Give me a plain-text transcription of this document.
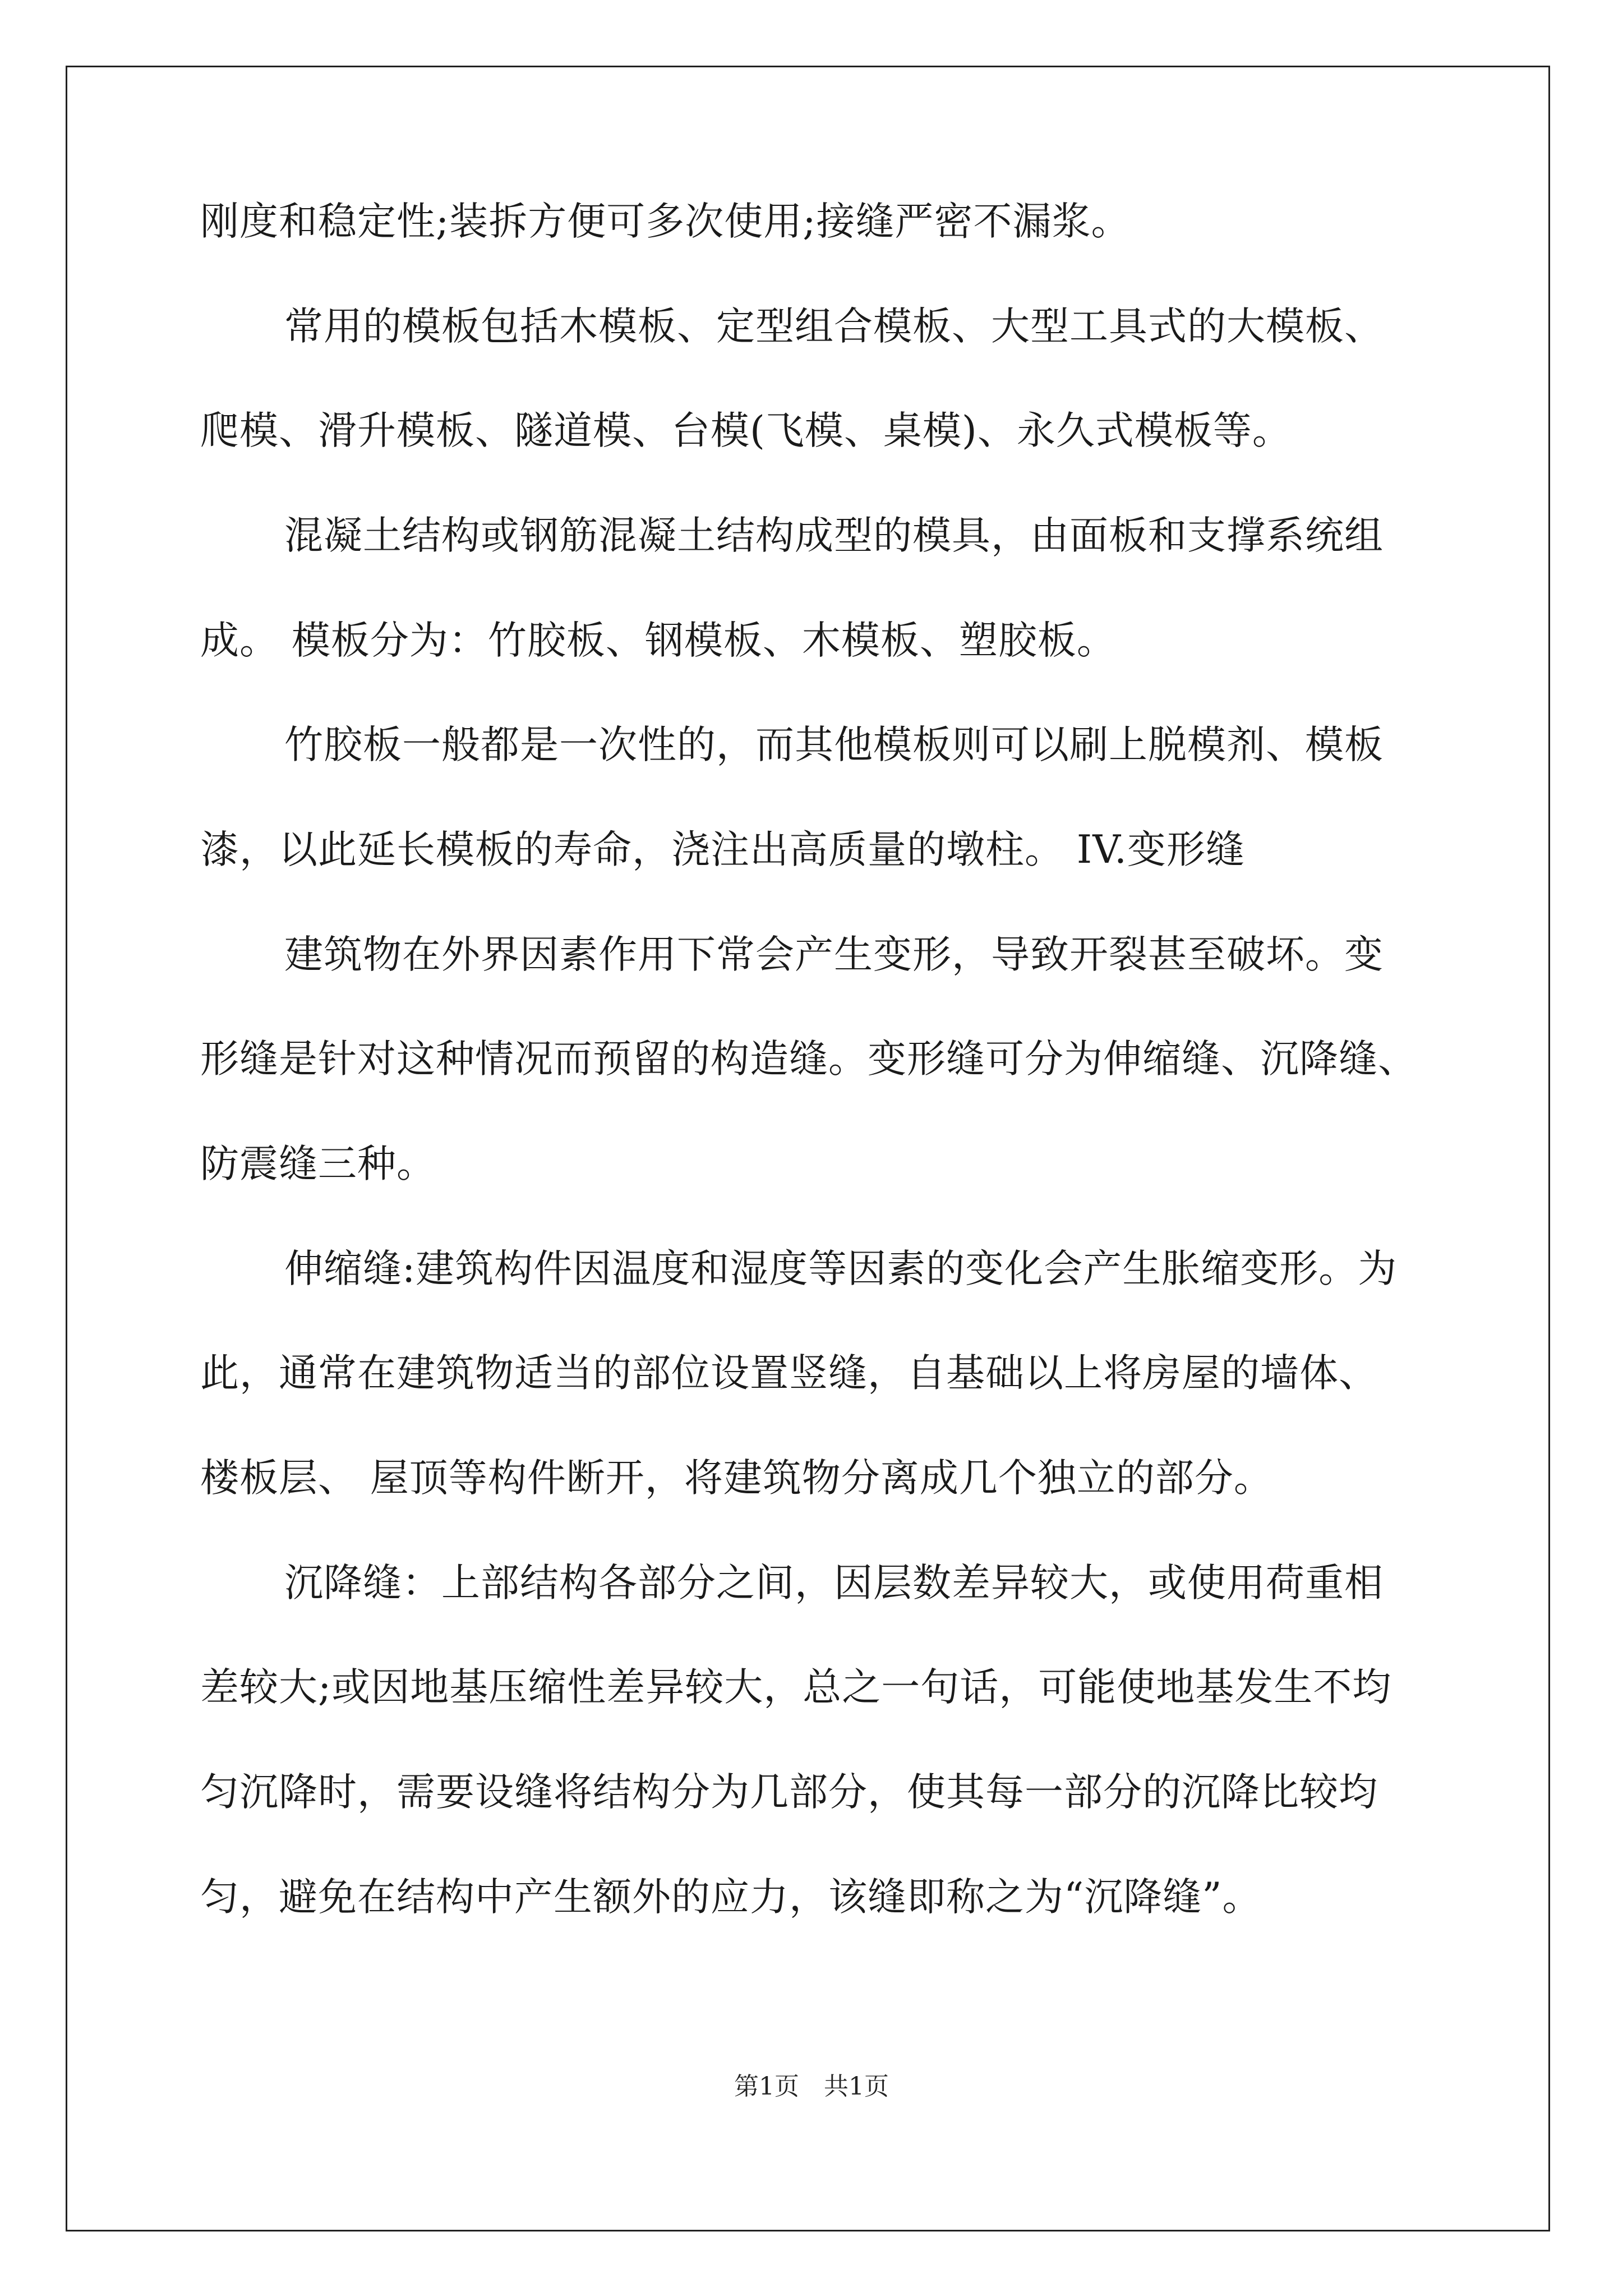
刚度和稳定性;装拆方便可多次使用;接缝严密不漏浆。
常用的模板包括木模板、定型组合模板、大型工具式的大模板、
爬模、滑升模板、隧道模、台模(飞模、桌模)、永久式模板等。
混凝土结构或钢筋混凝土结构成型的模具，由面板和支撑系统组
成。 模板分为：竹胶板、钢模板、木模板、塑胶板。
竹胶板一般都是一次性的，而其他模板则可以刷上脱模剂、模板
漆，以此延长模板的寿命，浇注出高质量的墩柱。 IV.变形缝
建筑物在外界因素作用下常会产生变形，导致开裂甚至破坏。变
形缝是针对这种情况而预留的构造缝。变形缝可分为伸缩缝、沉降缝、
防震缝三种。
伸缩缝:建筑构件因温度和湿度等因素的变化会产生胀缩变形。为
此，通常在建筑物适当的部位设置竖缝，自基础以上将房屋的墙体、
楼板层、 屋顶等构件断开，将建筑物分离成几个独立的部分。
沉降缝：上部结构各部分之间，因层数差异较大，或使用荷重相
差较大;或因地基压缩性差异较大，总之一句话，可能使地基发生不均
匀沉降时，需要设缝将结构分为几部分，使其每一部分的沉降比较均
匀，避免在结构中产生额外的应力，该缝即称之为“沉降缝”。
第1页　共1页
